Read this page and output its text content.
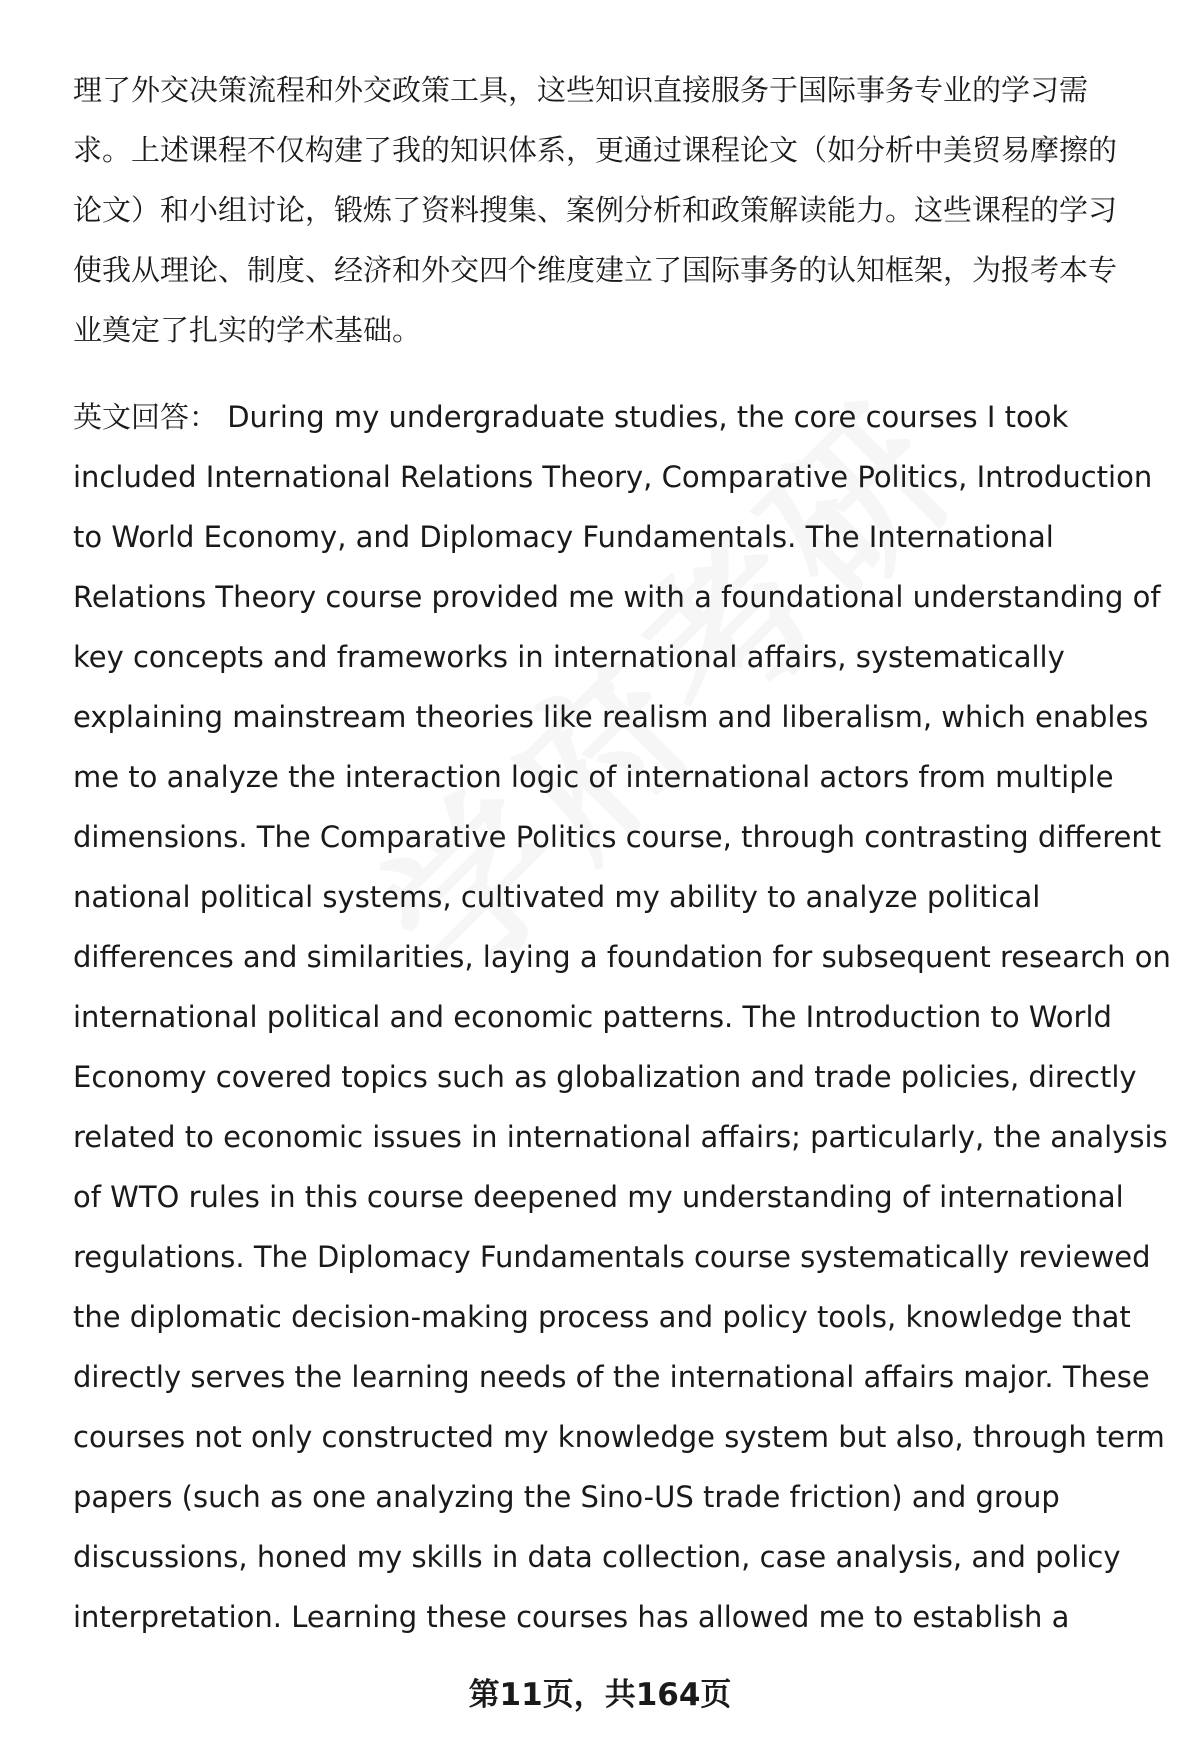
理了外交决策流程和外交政策工具，这些知识直接服务于国际事务专业的学习需
求。上述课程不仅构建了我的知识体系，更通过课程论文（如分析中美贸易摩擦的
论文）和小组讨论，锻炼了资料搜集、案例分析和政策解读能力。这些课程的学习
使我从理论、制度、经济和外交四个维度建立了国际事务的认知框架，为报考本专
业奠定了扎实的学术基础。
英文回答： During my undergraduate studies, the core courses I took
included International Relations Theory, Comparative Politics, Introduction
to World Economy, and Diplomacy Fundamentals. The International
Relations Theory course provided me with a foundational understanding of
key concepts and frameworks in international affairs, systematically
explaining mainstream theories like realism and liberalism, which enables
me to analyze the interaction logic of international actors from multiple
dimensions. The Comparative Politics course, through contrasting different
national political systems, cultivated my ability to analyze political
differences and similarities, laying a foundation for subsequent research on
international political and economic patterns. The Introduction to World
Economy covered topics such as globalization and trade policies, directly
related to economic issues in international affairs; particularly, the analysis
of WTO rules in this course deepened my understanding of international
regulations. The Diplomacy Fundamentals course systematically reviewed
the diplomatic decision-making process and policy tools, knowledge that
directly serves the learning needs of the international affairs major. These
courses not only constructed my knowledge system but also, through term
papers (such as one analyzing the Sino-US trade friction) and group
discussions, honed my skills in data collection, case analysis, and policy
interpretation. Learning these courses has allowed me to establish a
第11页，共164页
